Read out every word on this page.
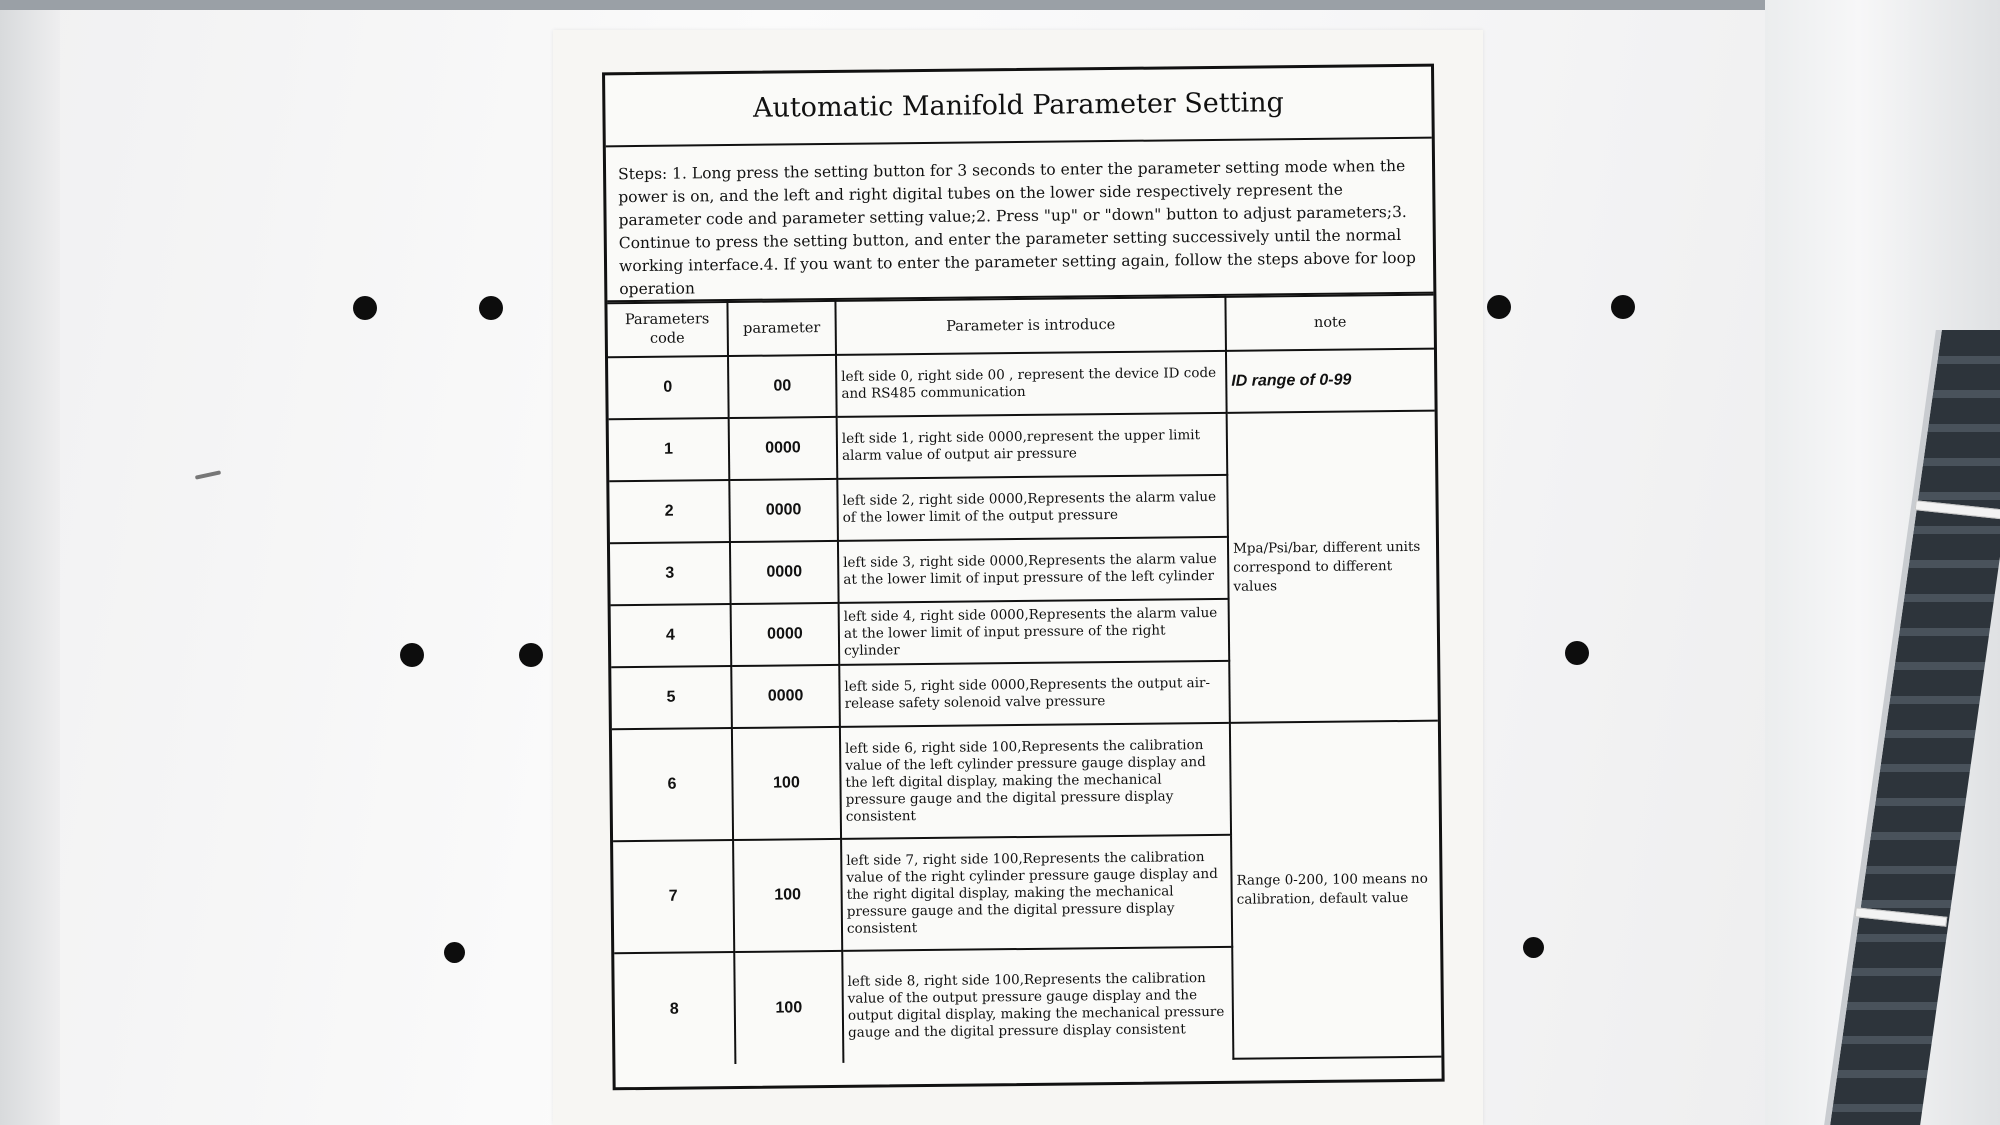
Automatic Manifold Parameter Setting
Steps: 1. Long press the setting button for 3 seconds to enter the parameter setting mode when the power is on, and the left and right digital tubes on the lower side respectively represent the parameter code and parameter setting value;2. Press "up" or "down" button to adjust parameters;3. Continue to press the setting button, and enter the parameter setting successively until the normal working interface.4. If you want to enter the parameter setting again, follow the steps above for loop operation
Parameters code	parameter	Parameter is introduce	note
0	00	left side 0, right side 00 , represent the device ID code and RS485 communication	ID range of 0-99
1	0000	left side 1, right side 0000,represent the upper limit alarm value of output air pressure	Mpa/Psi/bar, different units correspond to different values
2	0000	left side 2, right side 0000,Represents the alarm value of the lower limit of the output pressure	
3	0000	left side 3, right side 0000,Represents the alarm value at the lower limit of input pressure of the left cylinder	
4	0000	left side 4, right side 0000,Represents the alarm value at the lower limit of input pressure of the right cylinder	
5	0000	left side 5, right side 0000,Represents the output air-release safety solenoid valve pressure	
6	100	left side 6, right side 100,Represents the calibration value of the left cylinder pressure gauge display and the left digital display, making the mechanical pressure gauge and the digital pressure display consistent	Range 0-200, 100 means no calibration, default value
7	100	left side 7, right side 100,Represents the calibration value of the right cylinder pressure gauge display and the right digital display, making the mechanical pressure gauge and the digital pressure display consistent	
8	100	left side 8, right side 100,Represents the calibration value of the output pressure gauge display and the output digital display, making the mechanical pressure gauge and the digital pressure display consistent	
